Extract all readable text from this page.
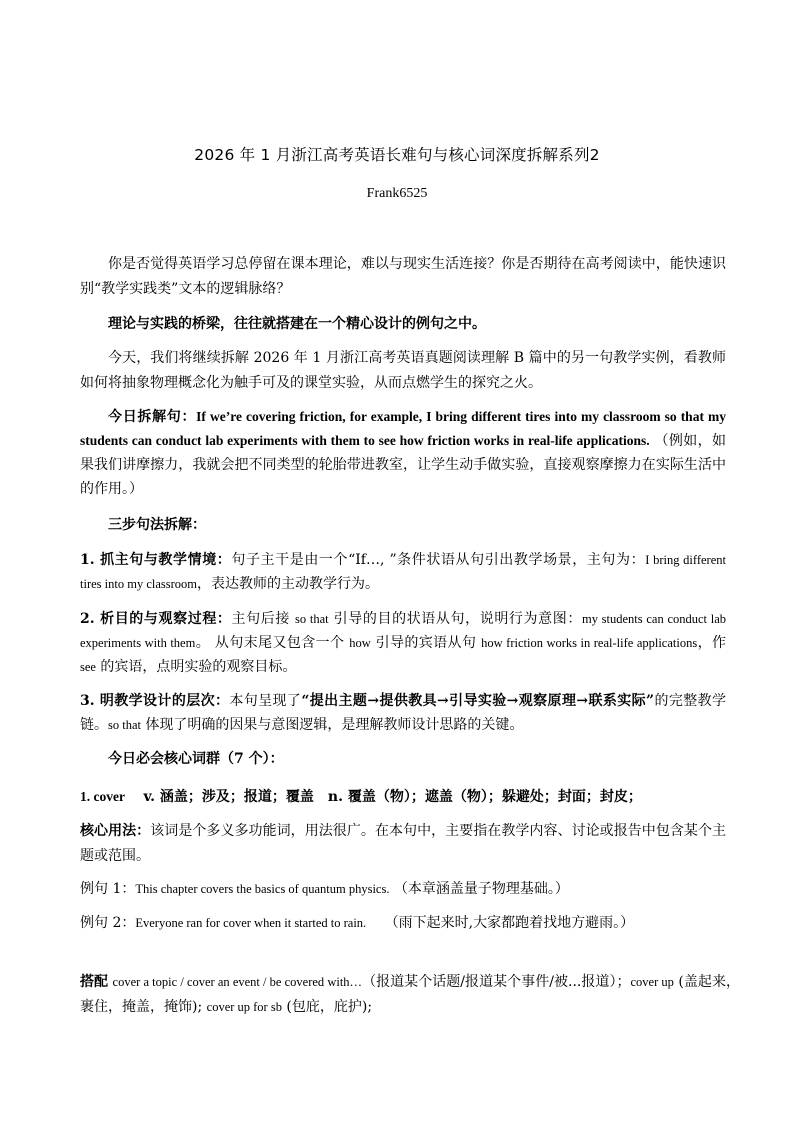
2026 年 1 月浙江高考英语长难句与核心词深度拆解系列2
Frank6525
你是否觉得英语学习总停留在课本理论，难以与现实生活连接？你是否期待在高考阅读中，能快速识别“教学实践类”文本的逻辑脉络？
理论与实践的桥梁，往往就搭建在一个精心设计的例句之中。
今天，我们将继续拆解 2026 年 1 月浙江高考英语真题阅读理解 B 篇中的另一句教学实例，看教师如何将抽象物理概念化为触手可及的课堂实验，从而点燃学生的探究之火。
今日拆解句：If we’re covering friction, for example, I bring different tires into my classroom so that my students can conduct lab experiments with them to see how friction works in real-life applications. （例如，如果我们讲摩擦力，我就会把不同类型的轮胎带进教室，让学生动手做实验，直接观察摩擦力在实际生活中的作用。）
三步句法拆解：
1. 抓主句与教学情境：句子主干是由一个“If…, ”条件状语从句引出教学场景，主句为：I bring different tires into my classroom，表达教师的主动教学行为。
2. 析目的与观察过程：主句后接 so that 引导的目的状语从句，说明行为意图：my students can conduct lab experiments with them。 从句末尾又包含一个 how 引导的宾语从句 how friction works in real-life applications，作 see 的宾语，点明实验的观察目标。
3. 明教学设计的层次：本句呈现了“提出主题→提供教具→引导实验→观察原理→联系实际”的完整教学链。so that 体现了明确的因果与意图逻辑，是理解教师设计思路的关键。
今日必会核心词群（7 个）：
1. cover　 v. 涵盖；涉及；报道；覆盖　n. 覆盖（物）；遮盖（物）；躲避处；封面；封皮；
核心用法：该词是个多义多功能词，用法很广。在本句中，主要指在教学内容、讨论或报告中包含某个主题或范围。
例句 1：This chapter covers the basics of quantum physics. （本章涵盖量子物理基础。）
例句 2：Everyone ran for cover when it started to rain.　 （雨下起来时,大家都跑着找地方避雨。）
搭配 cover a topic / cover an event / be covered with…（报道某个话题/报道某个事件/被...报道）；cover up (盖起来，裹住，掩盖，掩饰); cover up for sb (包庇，庇护);
